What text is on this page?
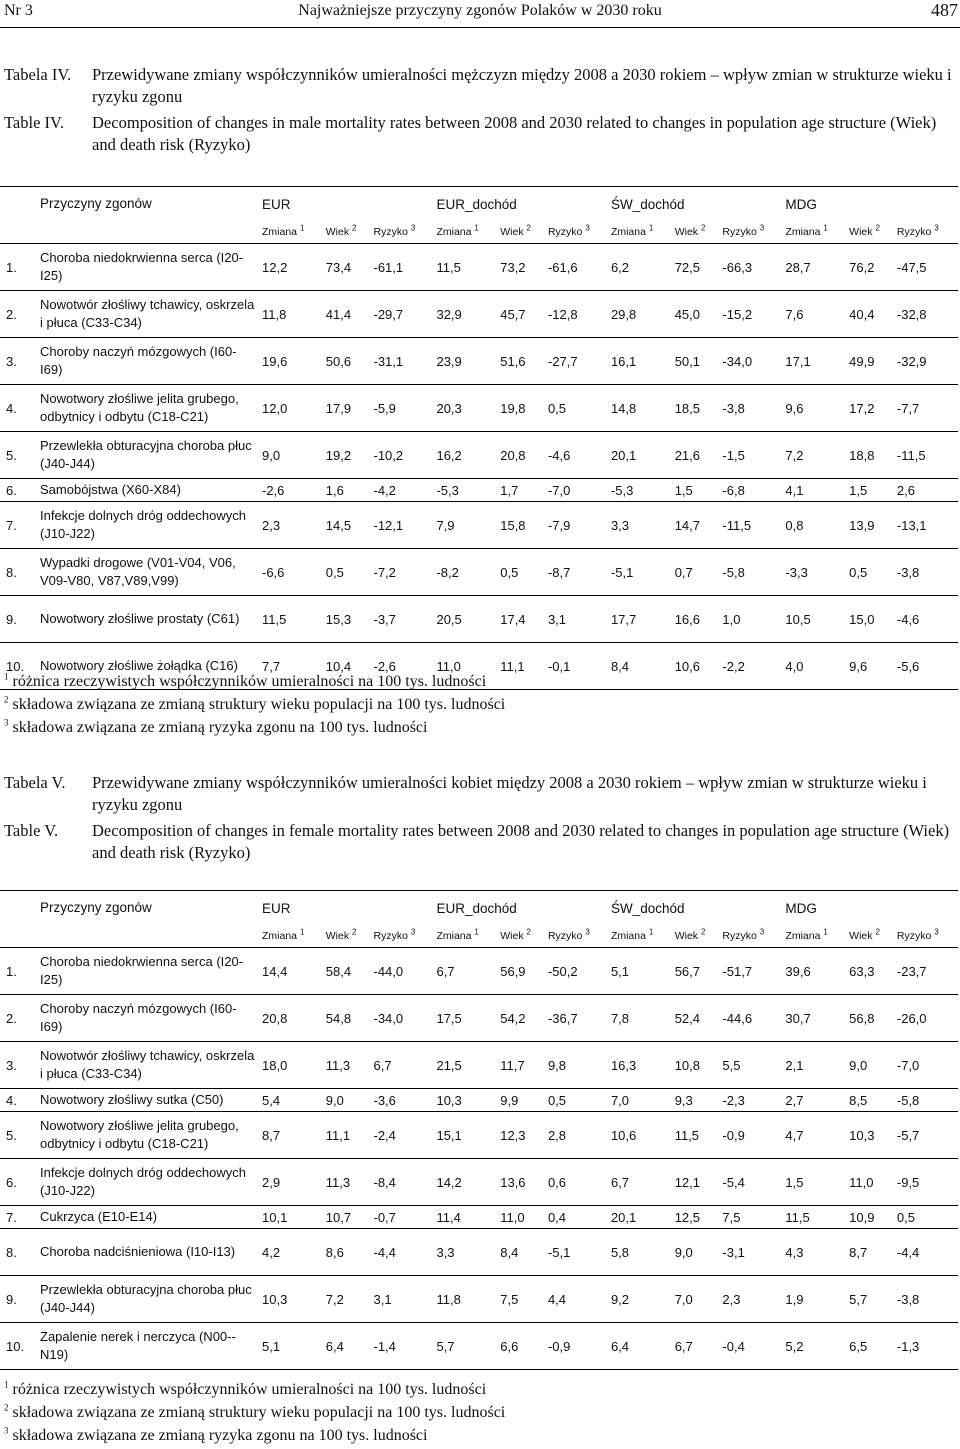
Nr 3	Najważniejsze przyczyny zgonów Polaków w 2030 roku	487
Tabela IV. Przewidywane zmiany współczynników umieralności mężczyzn między 2008 a 2030 rokiem – wpływ zmian w strukturze wieku i ryzyku zgonu
Table IV. Decomposition of changes in male mortality rates between 2008 and 2030 related to changes in population age structure (Wiek) and death risk (Ryzyko)
	Przyczyny zgonów	EUR			EUR_dochód			ŚW_dochód			MDG		
		Zmiana $^1$	Wiek $^2$	Ryzyko $^3$	Zmiana $^1$	Wiek $^2$	Ryzyko $^3$	Zmiana $^1$	Wiek $^2$	Ryzyko $^3$	Zmiana $^1$	Wiek $^2$	Ryzyko $^3$
1.	Choroba niedokrwienna serca (I20-I25)	12,2	73,4	-61,1	11,5	73,2	-61,6	6,2	72,5	-66,3	28,7	76,2	-47,5
2.	Nowotwór złośliwy tchawicy, oskrzela i płuca (C33-C34)	11,8	41,4	-29,7	32,9	45,7	-12,8	29,8	45,0	-15,2	7,6	40,4	-32,8
3.	Choroby naczyń mózgowych (I60-I69)	19,6	50,6	-31,1	23,9	51,6	-27,7	16,1	50,1	-34,0	17,1	49,9	-32,9
4.	Nowotwory złośliwe jelita grubego, odbytnicy i odbytu (C18-C21)	12,0	17,9	-5,9	20,3	19,8	0,5	14,8	18,5	-3,8	9,6	17,2	-7,7
5.	Przewlekła obturacyjna choroba płuc (J40-J44)	9,0	19,2	-10,2	16,2	20,8	-4,6	20,1	21,6	-1,5	7,2	18,8	-11,5
6.	Samobójstwa (X60-X84)	-2,6	1,6	-4,2	-5,3	1,7	-7,0	-5,3	1,5	-6,8	4,1	1,5	2,6
7.	Infekcje dolnych dróg oddechowych (J10-J22)	2,3	14,5	-12,1	7,9	15,8	-7,9	3,3	14,7	-11,5	0,8	13,9	-13,1
8.	Wypadki drogowe (V01-V04, V06, V09-V80, V87,V89,V99)	-6,6	0,5	-7,2	-8,2	0,5	-8,7	-5,1	0,7	-5,8	-3,3	0,5	-3,8
9.	Nowotwory złośliwe prostaty (C61)	11,5	15,3	-3,7	20,5	17,4	3,1	17,7	16,6	1,0	10,5	15,0	-4,6
10.	Nowotwory złośliwe żołądka (C16)	7,7	10,4	-2,6	11,0	11,1	-0,1	8,4	10,6	-2,2	4,0	9,6	-5,6
$^1$ różnica rzeczywistych współczynników umieralności na 100 tys. ludności
$^2$ składowa związana ze zmianą struktury wieku populacji na 100 tys. ludności
$^3$ składowa związana ze zmianą ryzyka zgonu na 100 tys. ludności
Tabela V. Przewidywane zmiany współczynników umieralności kobiet między 2008 a 2030 rokiem – wpływ zmian w strukturze wieku i ryzyku zgonu
Table V. Decomposition of changes in female mortality rates between 2008 and 2030 related to changes in population age structure (Wiek) and death risk (Ryzyko)
	Przyczyny zgonów	EUR			EUR_dochód			ŚW_dochód			MDG		
		Zmiana $^1$	Wiek $^2$	Ryzyko $^3$	Zmiana $^1$	Wiek $^2$	Ryzyko $^3$	Zmiana $^1$	Wiek $^2$	Ryzyko $^3$	Zmiana $^1$	Wiek $^2$	Ryzyko $^3$
1.	Choroba niedokrwienna serca (I20-I25)	14,4	58,4	-44,0	6,7	56,9	-50,2	5,1	56,7	-51,7	39,6	63,3	-23,7
2.	Choroby naczyń mózgowych (I60-I69)	20,8	54,8	-34,0	17,5	54,2	-36,7	7,8	52,4	-44,6	30,7	56,8	-26,0
3.	Nowotwór złośliwy tchawicy, oskrzela i płuca (C33-C34)	18,0	11,3	6,7	21,5	11,7	9,8	16,3	10,8	5,5	2,1	9,0	-7,0
4.	Nowotwory złośliwy sutka (C50)	5,4	9,0	-3,6	10,3	9,9	0,5	7,0	9,3	-2,3	2,7	8,5	-5,8
5.	Nowotwory złośliwe jelita grubego, odbytnicy i odbytu (C18-C21)	8,7	11,1	-2,4	15,1	12,3	2,8	10,6	11,5	-0,9	4,7	10,3	-5,7
6.	Infekcje dolnych dróg oddechowych (J10-J22)	2,9	11,3	-8,4	14,2	13,6	0,6	6,7	12,1	-5,4	1,5	11,0	-9,5
7.	Cukrzyca (E10-E14)	10,1	10,7	-0,7	11,4	11,0	0,4	20,1	12,5	7,5	11,5	10,9	0,5
8.	Choroba nadciśnieniowa (I10-I13)	4,2	8,6	-4,4	3,3	8,4	-5,1	5,8	9,0	-3,1	4,3	8,7	-4,4
9.	Przewlekła obturacyjna choroba płuc (J40-J44)	10,3	7,2	3,1	11,8	7,5	4,4	9,2	7,0	2,3	1,9	5,7	-3,8
10.	Zapalenie nerek i nerczyca (N00--N19)	5,1	6,4	-1,4	5,7	6,6	-0,9	6,4	6,7	-0,4	5,2	6,5	-1,3
$^1$ różnica rzeczywistych współczynników umieralności na 100 tys. ludności
$^2$ składowa związana ze zmianą struktury wieku populacji na 100 tys. ludności
$^3$ składowa związana ze zmianą ryzyka zgonu na 100 tys. ludności
